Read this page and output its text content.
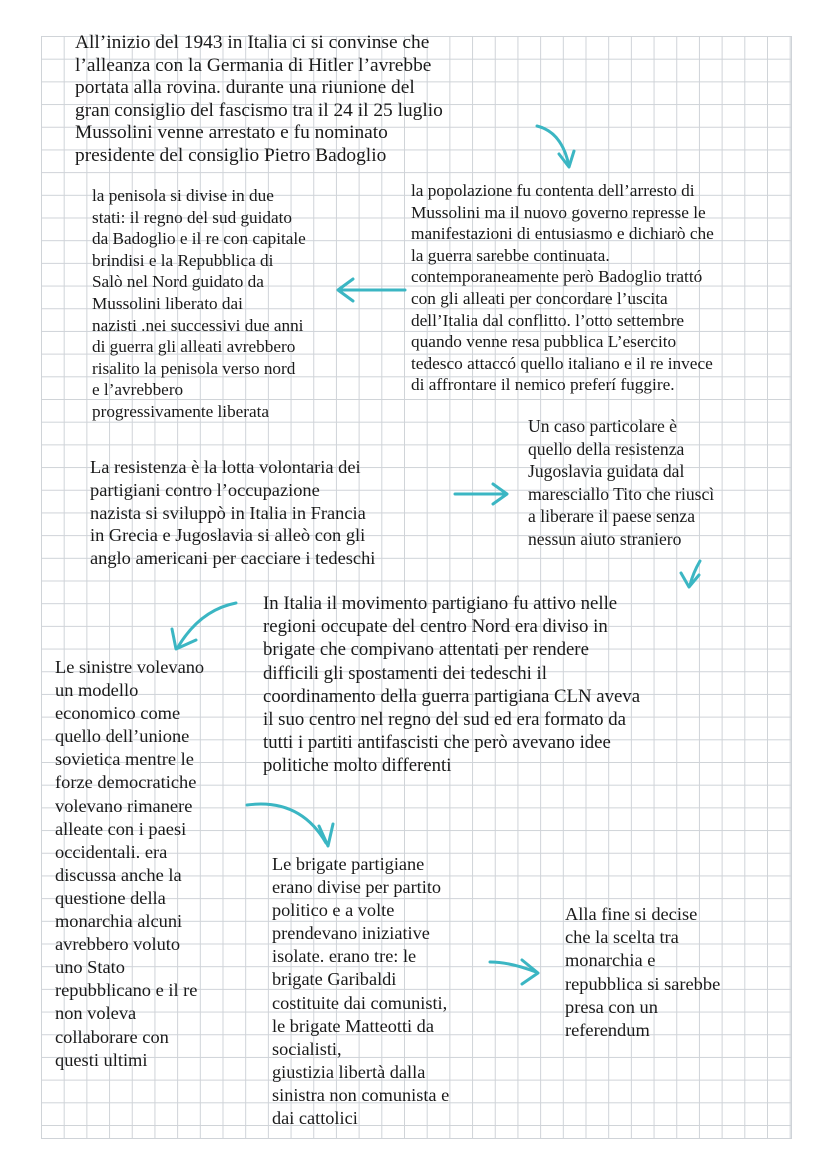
All’inizio del 1943 in Italia ci si convinse che
l’alleanza con la Germania di Hitler l’avrebbe
portata alla rovina. durante una riunione del
gran consiglio del fascismo tra il 24 il 25 luglio
Mussolini venne arrestato e fu nominato
presidente del consiglio Pietro Badoglio
la penisola si divise in due
stati: il regno del sud guidato
da Badoglio e il re con capitale
brindisi e la Repubblica di
Salò nel Nord guidato da
Mussolini liberato dai
nazisti .nei successivi due anni
di guerra gli alleati avrebbero
risalito la penisola verso nord
e l’avrebbero
progressivamente liberata
la popolazione fu contenta dell’arresto di
Mussolini ma il nuovo governo represse le
manifestazioni di entusiasmo e dichiarò che
la guerra sarebbe continuata.
contemporaneamente però Badoglio trattó
con gli alleati per concordare l’uscita
dell’Italia dal conflitto. l’otto settembre
quando venne resa pubblica L’esercito
tedesco attaccó quello italiano e il re invece
di affrontare il nemico preferí fuggire.
La resistenza è la lotta volontaria dei
partigiani contro l’occupazione
nazista si sviluppò in Italia in Francia
in Grecia e Jugoslavia si alleò con gli
anglo americani per cacciare i tedeschi
Un caso particolare è
quello della resistenza
Jugoslavia guidata dal
maresciallo Tito che riuscì
a liberare il paese senza
nessun aiuto straniero
In Italia il movimento partigiano fu attivo nelle
regioni occupate del centro Nord era diviso in
brigate che compivano attentati per rendere
difficili gli spostamenti dei tedeschi il
coordinamento della guerra partigiana CLN aveva
il suo centro nel regno del sud ed era formato da
tutti i partiti antifascisti che però avevano idee
politiche molto differenti
Le sinistre volevano
un modello
economico come
quello dell’unione
sovietica mentre le
forze democratiche
volevano rimanere
alleate con i paesi
occidentali. era
discussa anche la
questione della
monarchia alcuni
avrebbero voluto
uno Stato
repubblicano e il re
non voleva
collaborare con
questi ultimi
Le brigate partigiane
erano divise per partito
politico e a volte
prendevano iniziative
isolate. erano tre: le
brigate Garibaldi
costituite dai comunisti,
le brigate Matteotti da
socialisti,
giustizia libertà dalla
sinistra non comunista e
dai cattolici
Alla fine si decise
che la scelta tra
monarchia e
repubblica si sarebbe
presa con un
referendum
